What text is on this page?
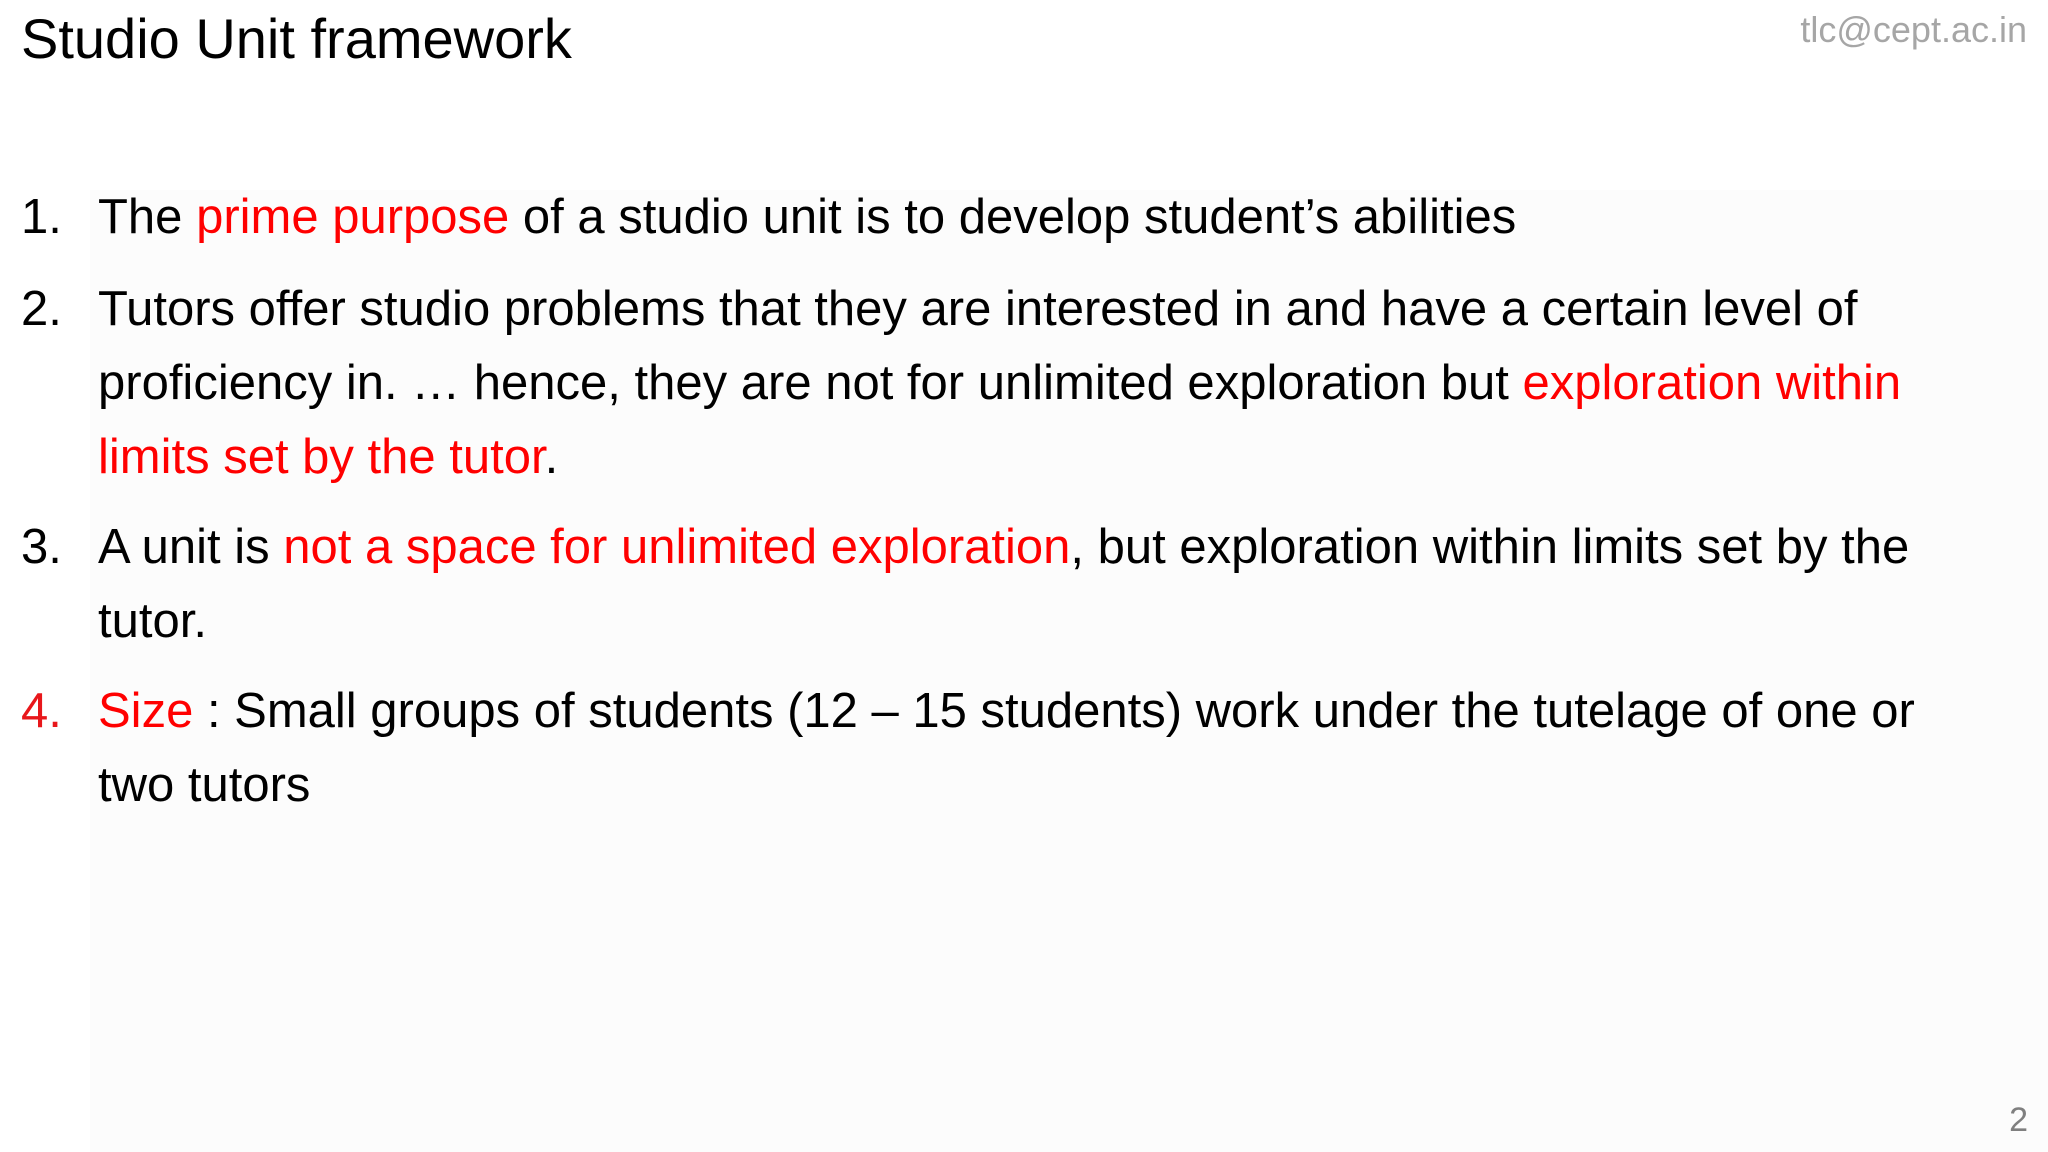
Studio Unit framework	tlc@cept.ac.in
1. The prime purpose of a studio unit is to develop student’s abilities
2. Tutors offer studio problems that they are interested in and have a certain level of
proficiency in. … hence, they are not for unlimited exploration but exploration within
limits set by the tutor.
3. A unit is not a space for unlimited exploration, but exploration within limits set by the
tutor.
4. Size : Small groups of students (12 – 15 students) work under the tutelage of one or
two tutors
2
